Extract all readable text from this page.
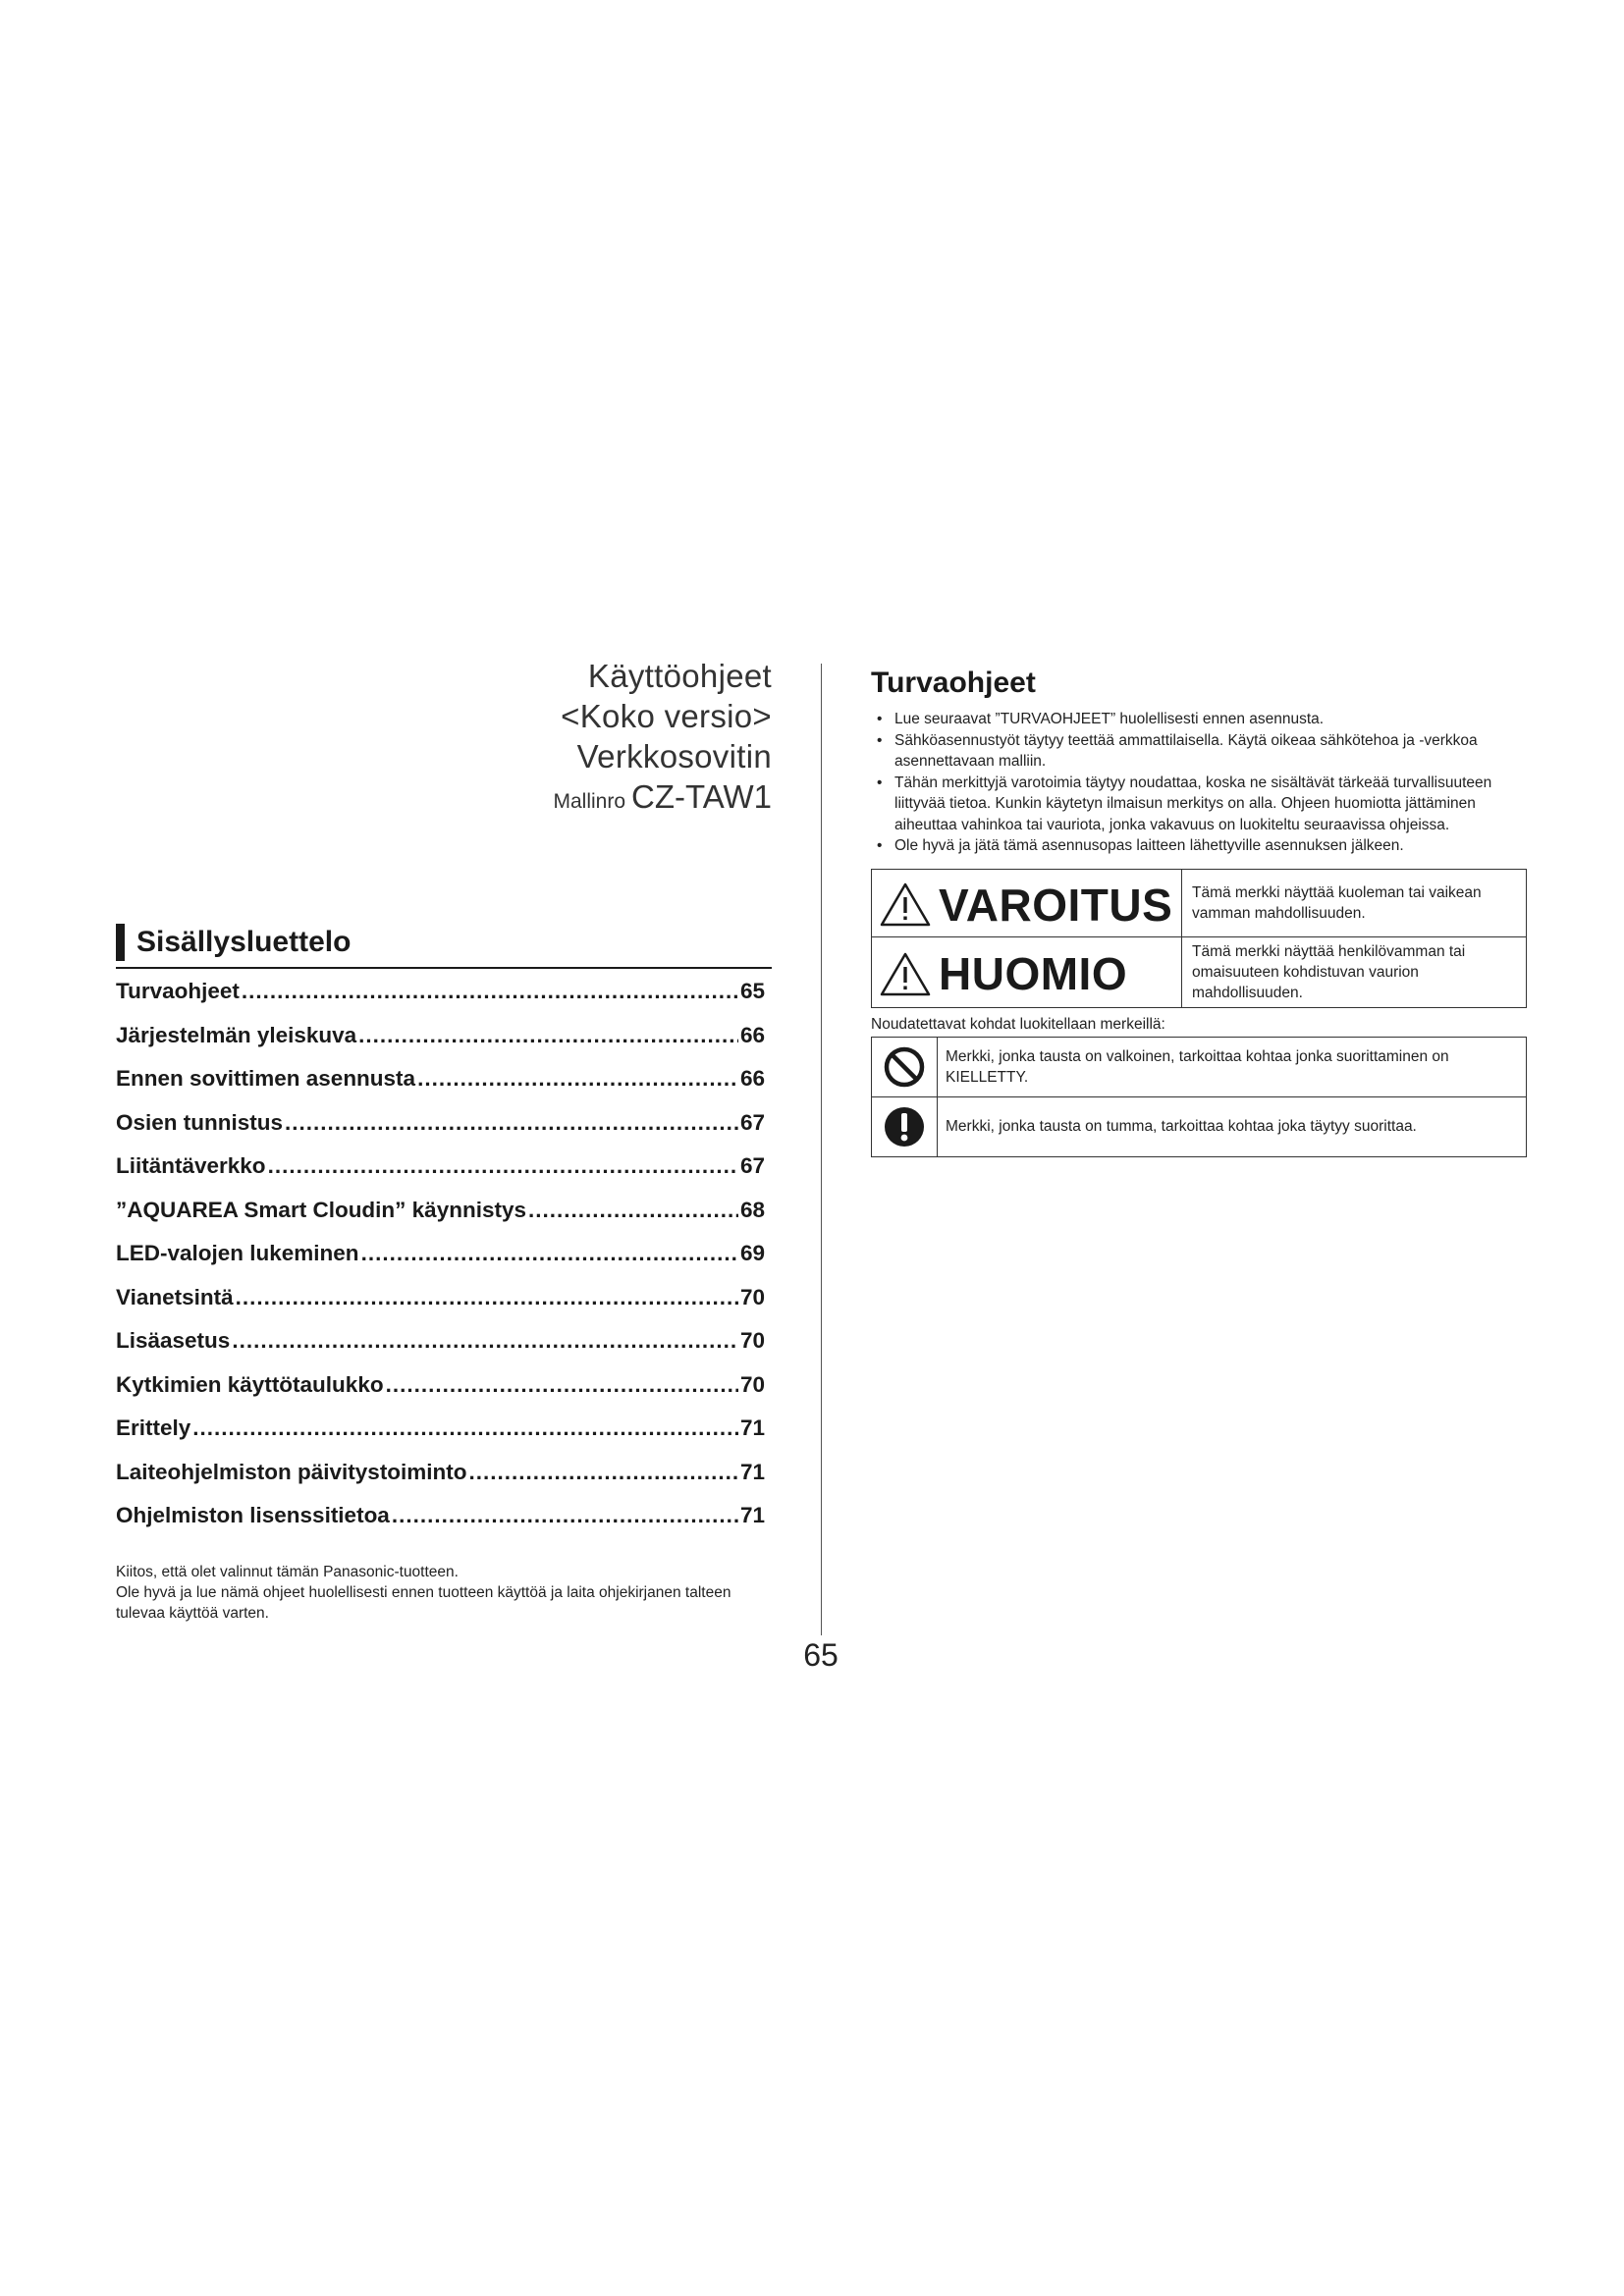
Käyttöohjeet
<Koko versio>
Verkkosovitin
Mallinro CZ-TAW1
Sisällysluettelo
Turvaohjeet .....	65
Järjestelmän yleiskuva .....	66
Ennen sovittimen asennusta .....	66
Osien tunnistus .....	67
Liitäntäverkko .....	67
”AQUAREA Smart Cloudin” käynnistys .....	68
LED-valojen lukeminen .....	69
Vianetsintä .....	70
Lisäasetus .....	70
Kytkimien käyttötaulukko .....	70
Erittely .....	71
Laiteohjelmiston päivitystoiminto .....	71
Ohjelmiston lisenssitietoa .....	71
Kiitos, että olet valinnut tämän Panasonic-tuotteen.
Ole hyvä ja lue nämä ohjeet huolellisesti ennen tuotteen käyttöä ja laita ohjekirjanen talteen tulevaa käyttöä varten.
65
Turvaohjeet
• Lue seuraavat ”TURVAOHJEET” huolellisesti ennen asennusta.
• Sähköasennustyöt täytyy teettää ammattilaisella. Käytä oikeaa sähkötehoa ja -verkkoa asennettavaan malliin.
• Tähän merkittyjä varotoimia täytyy noudattaa, koska ne sisältävät tärkeää turvallisuuteen liittyvää tietoa. Kunkin käytetyn ilmaisun merkitys on alla. Ohjeen huomiotta jättäminen aiheuttaa vahinkoa tai vauriota, jonka vakavuus on luokiteltu seuraavissa ohjeissa.
• Ole hyvä ja jätä tämä asennusopas laitteen lähettyville asennuksen jälkeen.
VAROITUS	Tämä merkki näyttää kuoleman tai vaikean vamman mahdollisuuden.
HUOMIO	Tämä merkki näyttää henkilövamman tai omaisuuteen kohdistuvan vaurion mahdollisuuden.
Noudatettavat kohdat luokitellaan merkeillä:
	Merkki, jonka tausta on valkoinen, tarkoittaa kohtaa jonka suorittaminen on KIELLETTY.

	Merkki, jonka tausta on tumma, tarkoittaa kohtaa joka täytyy suorittaa.
